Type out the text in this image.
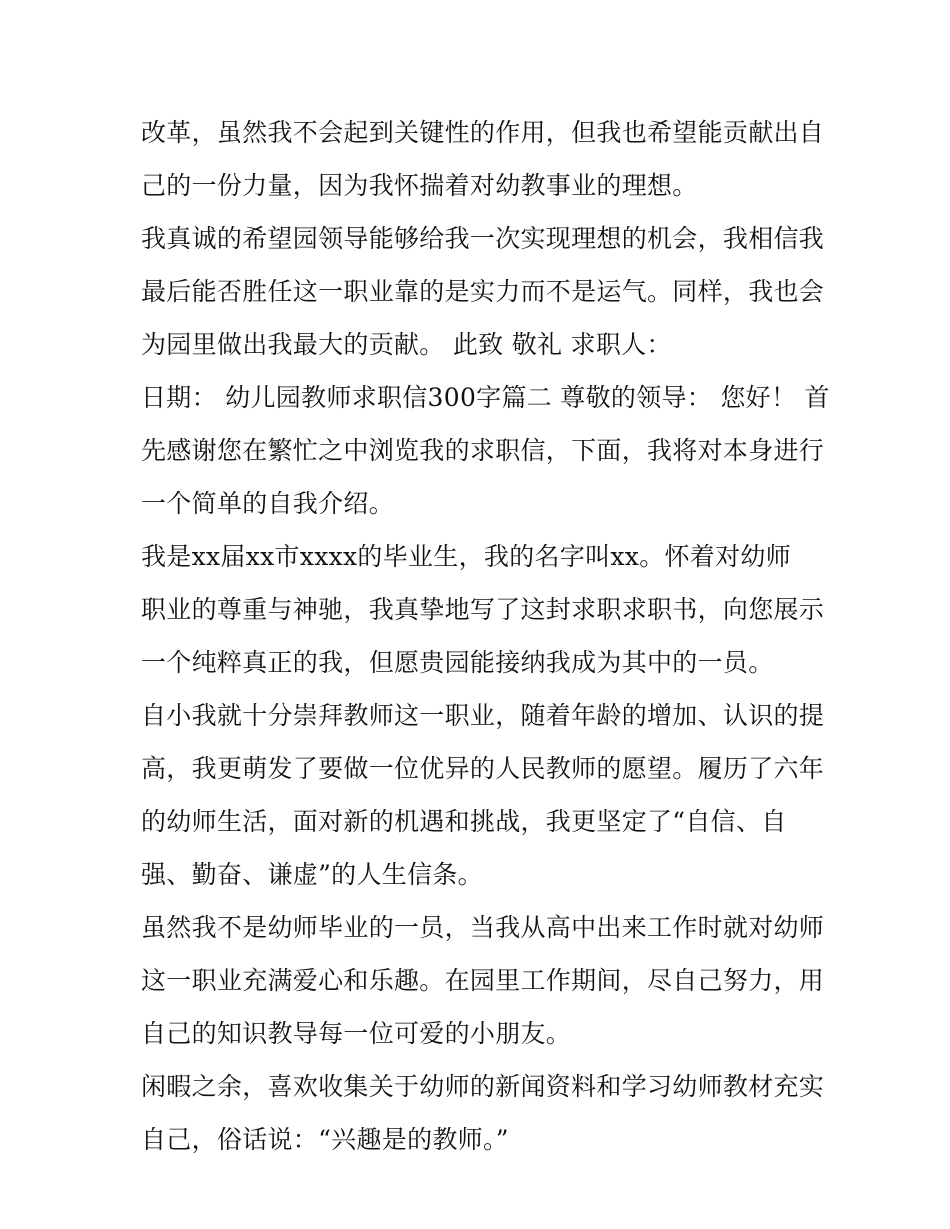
改革，虽然我不会起到关键性的作用，但我也希望能贡献出自
己的一份力量，因为我怀揣着对幼教事业的理想。
我真诚的希望园领导能够给我一次实现理想的机会，我相信我
最后能否胜任这一职业靠的是实力而不是运气。同样，我也会
为园里做出我最大的贡献。 此致 敬礼 求职人：
日期： 幼儿园教师求职信300字篇二 尊敬的领导： 您好！ 首
先感谢您在繁忙之中浏览我的求职信，下面，我将对本身进行
一个简单的自我介绍。
我是xx届xx市xxxx的毕业生，我的名字叫xx。怀着对幼师
职业的尊重与神驰，我真挚地写了这封求职求职书，向您展示
一个纯粹真正的我，但愿贵园能接纳我成为其中的一员。
自小我就十分崇拜教师这一职业，随着年龄的增加、认识的提
高，我更萌发了要做一位优异的人民教师的愿望。履历了六年
的幼师生活，面对新的机遇和挑战，我更坚定了“自信、自
强、勤奋、谦虚”的人生信条。
虽然我不是幼师毕业的一员，当我从高中出来工作时就对幼师
这一职业充满爱心和乐趣。在园里工作期间，尽自己努力，用
自己的知识教导每一位可爱的小朋友。
闲暇之余，喜欢收集关于幼师的新闻资料和学习幼师教材充实
自己，俗话说：“兴趣是的教师。”
